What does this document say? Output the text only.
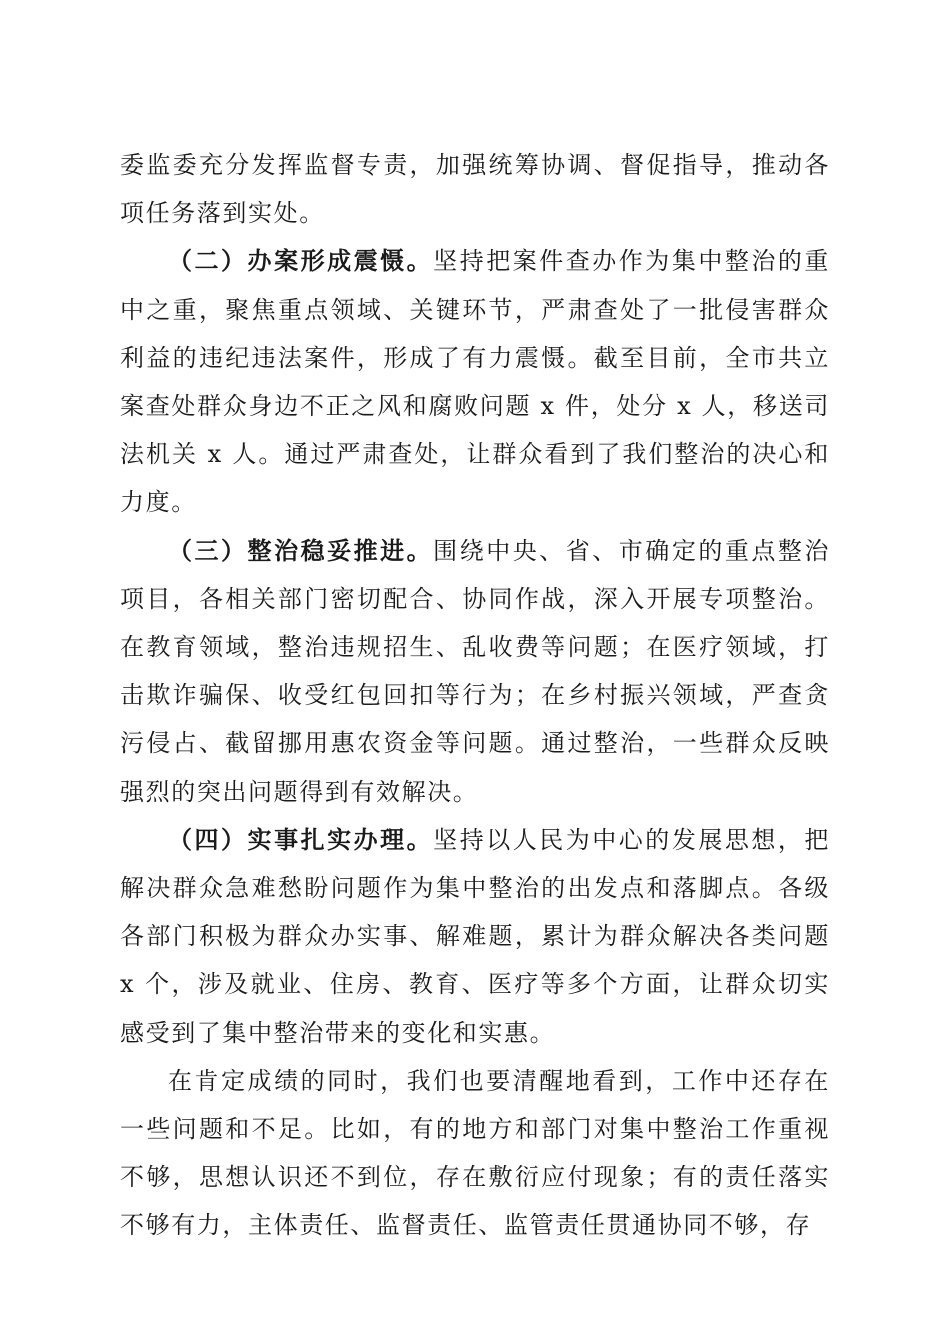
委监委充分发挥监督专责，加强统筹协调、督促指导，推动各项任务落到实处。

（二）办案形成震慑。坚持把案件查办作为集中整治的重中之重，聚焦重点领域、关键环节，严肃查处了一批侵害群众利益的违纪违法案件，形成了有力震慑。截至目前，全市共立案查处群众身边不正之风和腐败问题 x 件，处分 x 人，移送司法机关 x 人。通过严肃查处，让群众看到了我们整治的决心和力度。

（三）整治稳妥推进。围绕中央、省、市确定的重点整治项目，各相关部门密切配合、协同作战，深入开展专项整治。在教育领域，整治违规招生、乱收费等问题；在医疗领域，打击欺诈骗保、收受红包回扣等行为；在乡村振兴领域，严查贪污侵占、截留挪用惠农资金等问题。通过整治，一些群众反映强烈的突出问题得到有效解决。

（四）实事扎实办理。坚持以人民为中心的发展思想，把解决群众急难愁盼问题作为集中整治的出发点和落脚点。各级各部门积极为群众办实事、解难题，累计为群众解决各类问题 x 个，涉及就业、住房、教育、医疗等多个方面，让群众切实感受到了集中整治带来的变化和实惠。

在肯定成绩的同时，我们也要清醒地看到，工作中还存在一些问题和不足。比如，有的地方和部门对集中整治工作重视不够，思想认识还不到位，存在敷衍应付现象；有的责任落实不够有力，主体责任、监督责任、监管责任贯通协同不够，存
